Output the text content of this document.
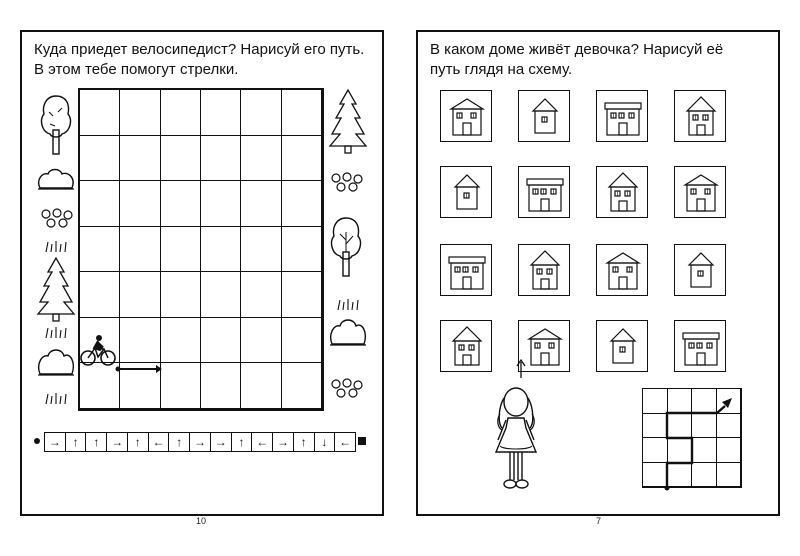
Куда приедет велосипедист? Нарисуй его путь.
В этом тебе помогут стрелки.
→ ↑	↑ → ↑ ← ↑ → → ↑ ← → ↑	↓ ←
10
В каком доме живёт девочка? Нарисуй её
путь глядя на схему.
7
